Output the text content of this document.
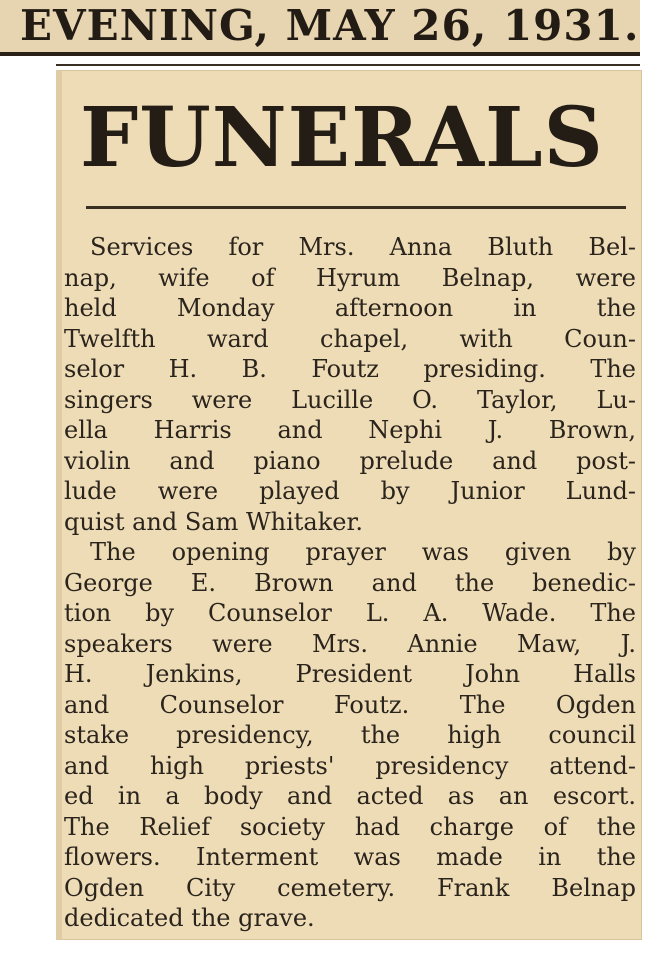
EVENING, MAY 26, 1931.
FUNERALS
Services for Mrs. Anna Bluth Bel-
nap, wife of Hyrum Belnap, were
held Monday afternoon in the
Twelfth ward chapel, with Coun-
selor H. B. Foutz presiding. The
singers were Lucille O. Taylor, Lu-
ella Harris and Nephi J. Brown,
violin and piano prelude and post-
lude were played by Junior Lund-
quist and Sam Whitaker.
The opening prayer was given by
George E. Brown and the benedic-
tion by Counselor L. A. Wade. The
speakers were Mrs. Annie Maw, J.
H. Jenkins, President John Halls
and Counselor Foutz. The Ogden
stake presidency, the high council
and high priests' presidency attend-
ed in a body and acted as an escort.
The Relief society had charge of the
flowers. Interment was made in the
Ogden City cemetery. Frank Belnap
dedicated the grave.
